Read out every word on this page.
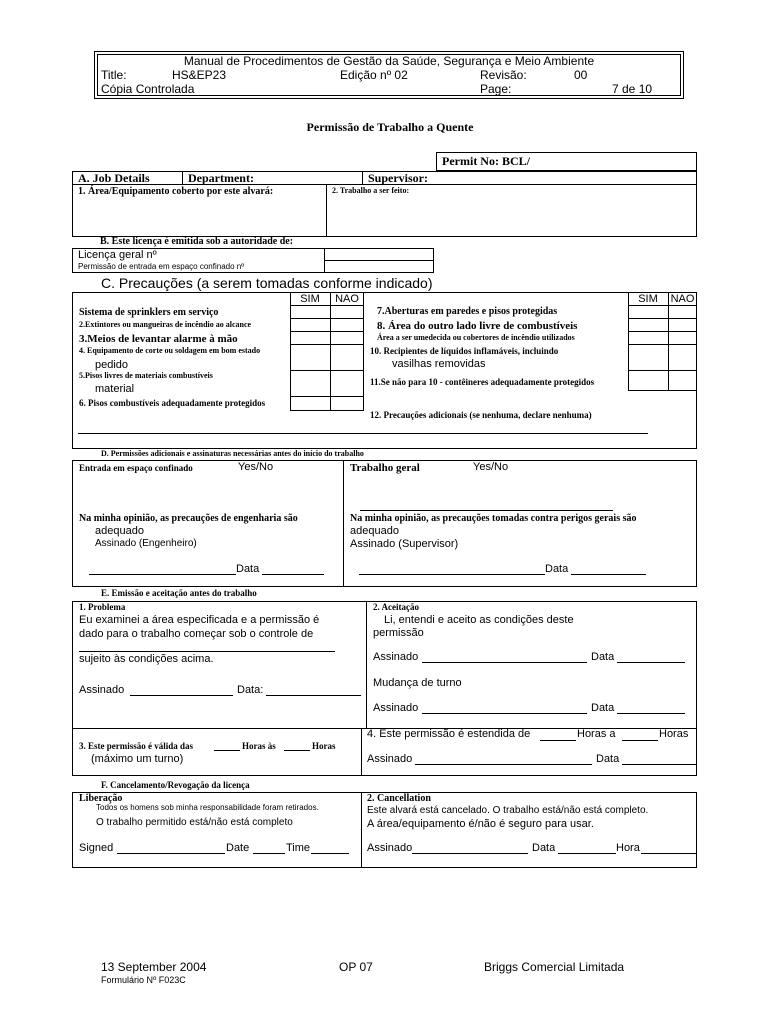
Manual de Procedimentos de Gestão da Saúde, Segurança e Meio Ambiente
Title:	HS&EP23	Edição nº 02	Revisão:	00
Cópia Controlada	Page:	7 de 10
Permissão de Trabalho a Quente
Permit No: BCL/
A. Job Details	Department:	Supervisor:
1. Área/Equipamento coberto por este alvará:	2. Trabalho a ser feito:
B. Este licença é emitida sob a autoridade de:
Licença geral nº
Permissão de entrada em espaço confinado nº
C. Precauções (a serem tomadas conforme indicado)
SIM	NAO	SIM	NAO
Sistema de sprinklers em serviço
2.Extintores ou mangueiras de incêndio ao alcance
3.Meios de levantar alarme à mão
4. Equipamento de corte ou soldagem em bom estado
pedido
5.Pisos livres de materiais combustíveis
material
6. Pisos combustíveis adequadamente protegidos
7.Aberturas em paredes e pisos protegidas
8. Área do outro lado livre de combustíveis
Área a ser umedecida ou cobertores de incêndio utilizados
10. Recipientes de líquidos inflamáveis, incluindo
vasilhas removidas
11.Se não para 10 - contêineres adequadamente protegidos
12. Precauções adicionais (se nenhuma, declare nenhuma)
D. Permissões adicionais e assinaturas necessárias antes do início do trabalho
Entrada em espaço confinado	Yes/No
Na minha opinião, as precauções de engenharia são
adequado
Assinado (Engenheiro)
Data
Trabalho geral	Yes/No
Na minha opinião, as precauções tomadas contra perigos gerais são
adequado
Assinado (Supervisor)
Data
E. Emissão e aceitação antes do trabalho
1. Problema
Eu examinei a área especificada e a permissão é
dado para o trabalho começar sob o controle de
sujeito às condições acima.
Assinado	Data:
2. Aceitação
Li, entendi e aceito as condições deste
permissão
Assinado	Data
Mudança de turno
Assinado	Data
3. Este permissão é válida das	Horas às	Horas
(máximo um turno)
4. Este permissão é estendida de	Horas a	Horas
Assinado	Data
F. Cancelamento/Revogação da licença
Liberação
Todos os homens sob minha responsabilidade foram retirados.
O trabalho permitido está/não está completo
Signed	Date	Time
2. Cancellation
Este alvará está cancelado. O trabalho está/não está completo.
A área/equipamento é/não é seguro para usar.
Assinado	Data	Hora
13 September 2004	OP 07	Briggs Comercial Limitada
Formulário Nº F023C
